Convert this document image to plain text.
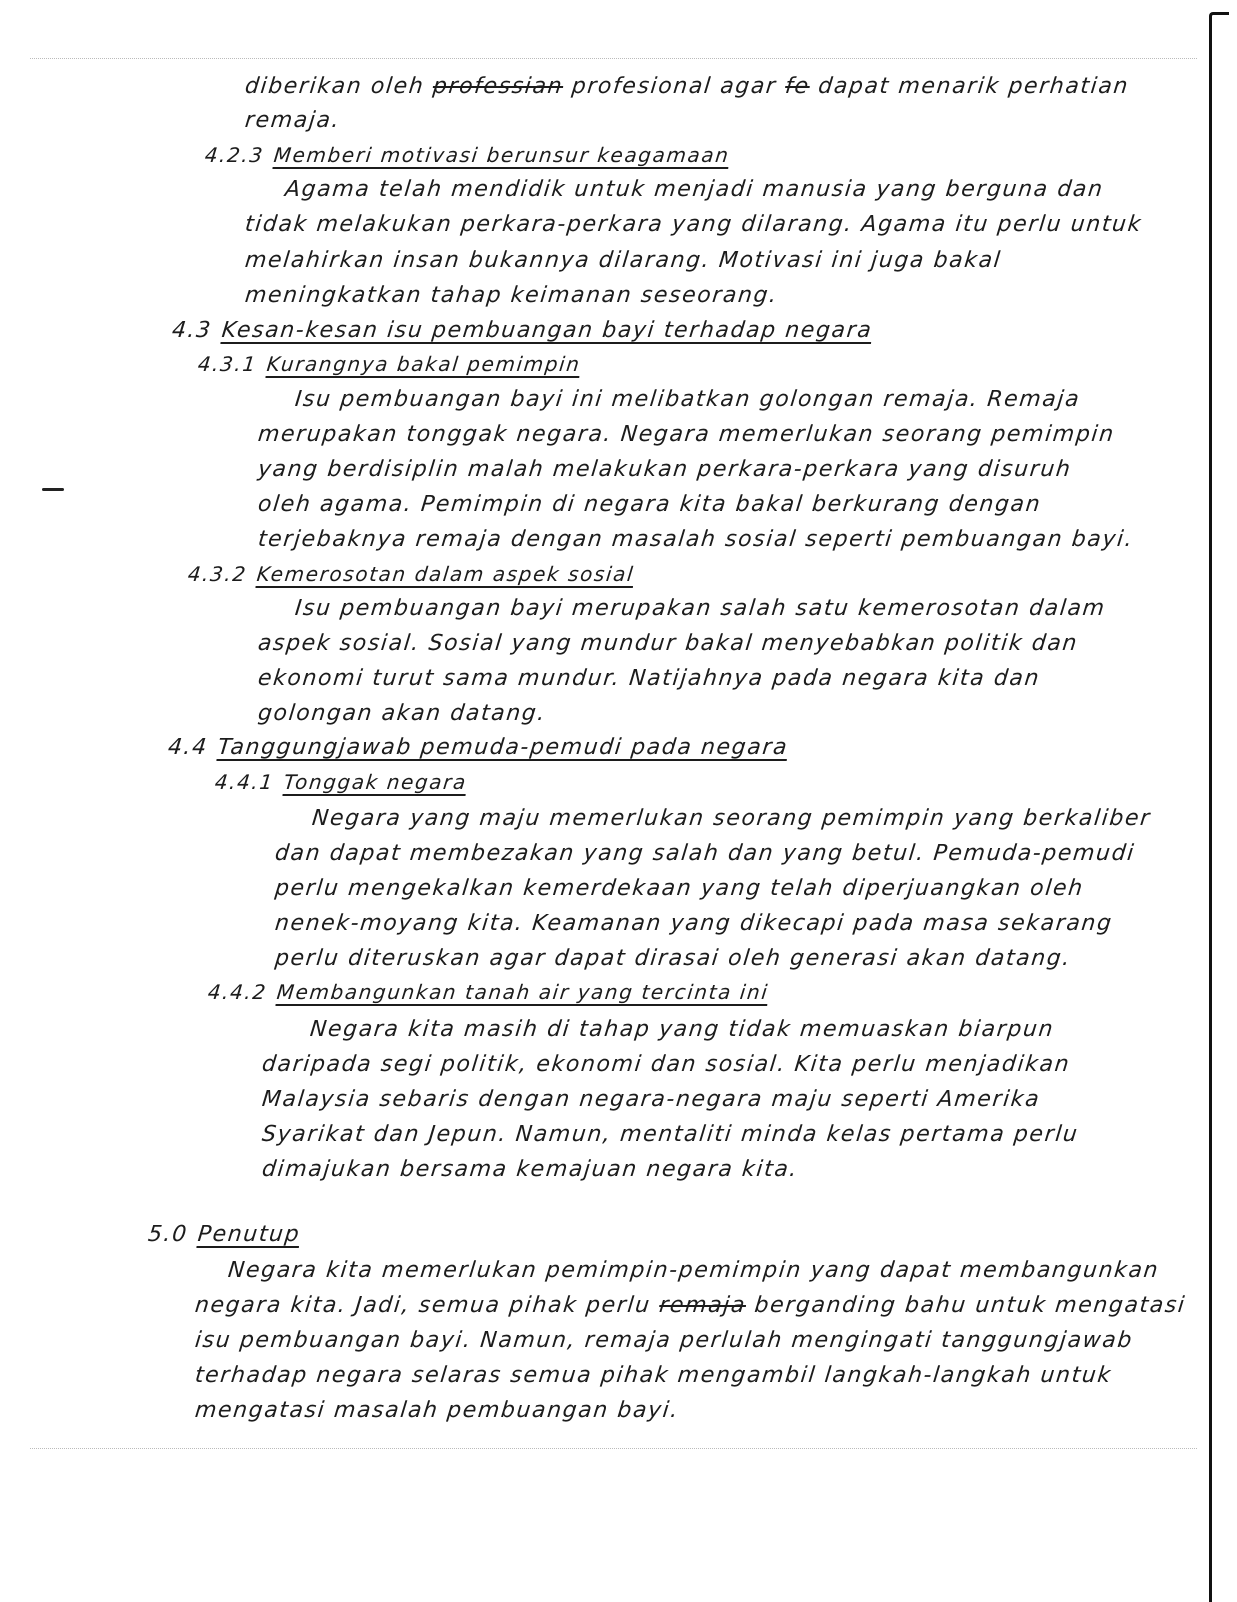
diberikan oleh professian profesional agar fe dapat menarik perhatian
remaja.
4.2.3 Memberi motivasi berunsur keagamaan
Agama telah mendidik untuk menjadi manusia yang berguna dan
tidak melakukan perkara-perkara yang dilarang. Agama itu perlu untuk
melahirkan insan bukannya dilarang. Motivasi ini juga bakal
meningkatkan tahap keimanan seseorang.
4.3 Kesan-kesan isu pembuangan bayi terhadap negara
4.3.1 Kurangnya bakal pemimpin
Isu pembuangan bayi ini melibatkan golongan remaja. Remaja
merupakan tonggak negara. Negara memerlukan seorang pemimpin
yang berdisiplin malah melakukan perkara-perkara yang disuruh
oleh agama. Pemimpin di negara kita bakal berkurang dengan
terjebaknya remaja dengan masalah sosial seperti pembuangan bayi.
4.3.2 Kemerosotan dalam aspek sosial
Isu pembuangan bayi merupakan salah satu kemerosotan dalam
aspek sosial. Sosial yang mundur bakal menyebabkan politik dan
ekonomi turut sama mundur. Natijahnya pada negara kita dan
golongan akan datang.
4.4 Tanggungjawab pemuda-pemudi pada negara
4.4.1 Tonggak negara
Negara yang maju memerlukan seorang pemimpin yang berkaliber
dan dapat membezakan yang salah dan yang betul. Pemuda-pemudi
perlu mengekalkan kemerdekaan yang telah diperjuangkan oleh
nenek-moyang kita. Keamanan yang dikecapi pada masa sekarang
perlu diteruskan agar dapat dirasai oleh generasi akan datang.
4.4.2 Membangunkan tanah air yang tercinta ini
Negara kita masih di tahap yang tidak memuaskan biarpun
daripada segi politik, ekonomi dan sosial. Kita perlu menjadikan
Malaysia sebaris dengan negara-negara maju seperti Amerika
Syarikat dan Jepun. Namun, mentaliti minda kelas pertama perlu
dimajukan bersama kemajuan negara kita.
5.0 Penutup
Negara kita memerlukan pemimpin-pemimpin yang dapat membangunkan
negara kita. Jadi, semua pihak perlu remaja berganding bahu untuk mengatasi
isu pembuangan bayi. Namun, remaja perlulah mengingati tanggungjawab
terhadap negara selaras semua pihak mengambil langkah-langkah untuk
mengatasi masalah pembuangan bayi.
